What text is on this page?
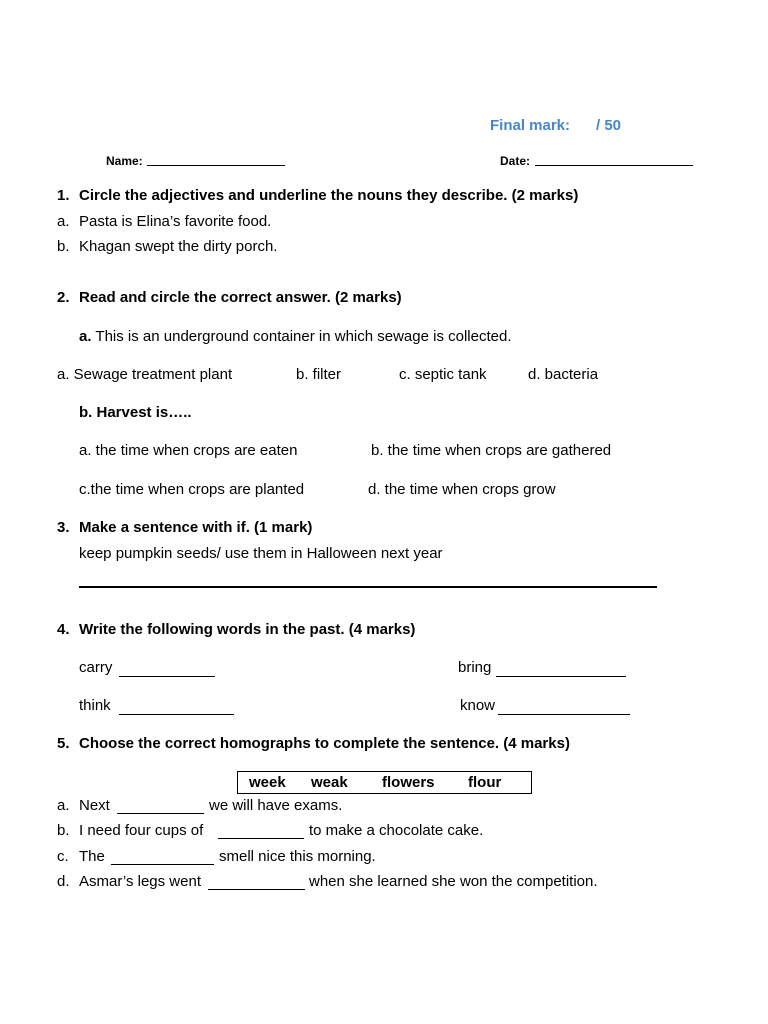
Final mark: / 50
Name:	Date:
1. Circle the adjectives and underline the nouns they describe. (2 marks)
a. Pasta is Elina’s favorite food.
b. Khagan swept the dirty porch.
2. Read and circle the correct answer. (2 marks)
a. This is an underground container in which sewage is collected.
a. Sewage treatment plant	b. filter	c. septic tank	d. bacteria
b. Harvest is…..
a. the time when crops are eaten	b. the time when crops are gathered
c.the time when crops are planted	d. the time when crops grow
3. Make a sentence with if. (1 mark)
keep pumpkin seeds/ use them in Halloween next year
4. Write the following words in the past. (4 marks)
carry	bring
think	know
5. Choose the correct homographs to complete the sentence. (4 marks)
week weak flowers flour
a. Next	we will have exams.
b. I need four cups of	to make a chocolate cake.
c. The	smell nice this morning.
d. Asmar’s legs went	when she learned she won the competition.
